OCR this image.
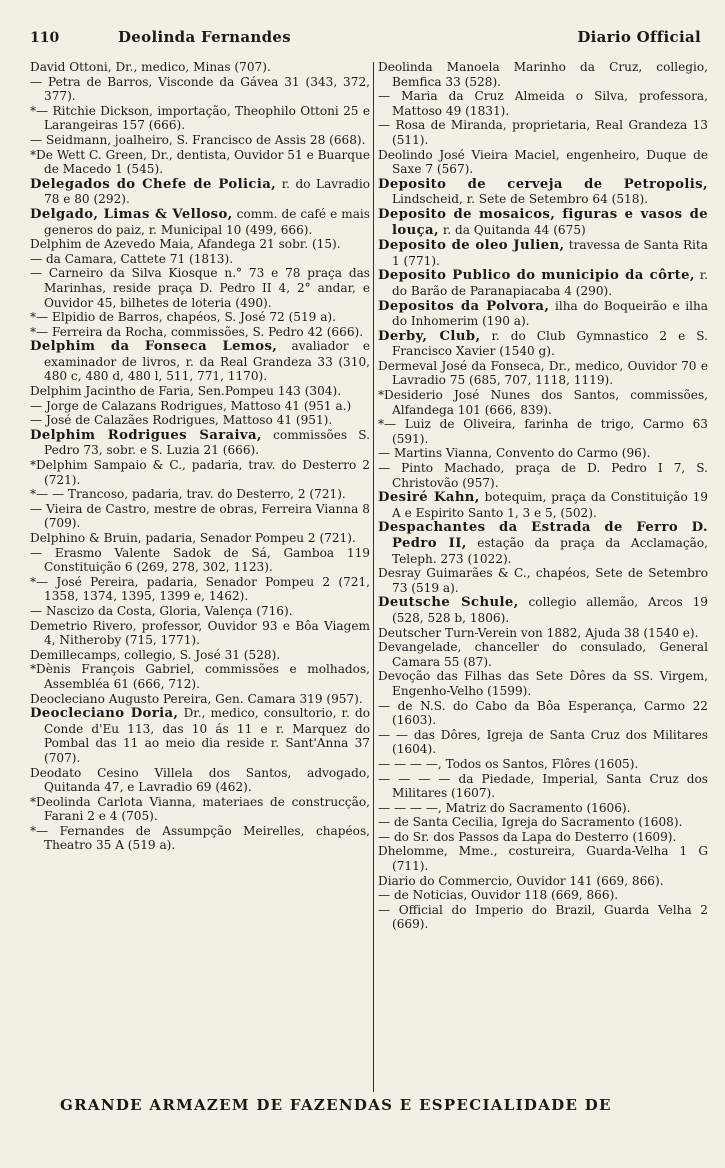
110	Deolinda Fernandes	Diario Official
David Ottoni, Dr., medico, Minas (707).
— Petra de Barros, Visconde da Gávea 31 (343, 372, 377).
*— Ritchie Dickson, importação, Theophilo Ottoni 25 e Larangeiras 157 (666).
— Seidmann, joalheiro, S. Francisco de Assis 28 (668).
*De Wett C. Green, Dr., dentista, Ouvidor 51 e Buarque de Macedo 1 (545).
Delegados do Chefe de Policia, r. do Lavradio 78 e 80 (292).
Delgado, Limas & Velloso, comm. de café e mais generos do paiz, r. Municipal 10 (499, 666).
Delphim de Azevedo Maia, Afandega 21 sobr. (15).
— da Camara, Cattete 71 (1813).
— Carneiro da Silva Kiosque n.° 73 e 78 praça das Marinhas, reside praça D. Pedro II 4, 2° andar, e Ouvidor 45, bilhetes de loteria (490).
*— Elpidio de Barros, chapéos, S. José 72 (519 a).
*— Ferreira da Rocha, commissões, S. Pedro 42 (666).
Delphim da Fonseca Lemos, avaliador e examinador de livros, r. da Real Grandeza 33 (310, 480 c, 480 d, 480 l, 511, 771, 1170).
Delphim Jacintho de Faria, Sen.Pompeu 143 (304).
— Jorge de Calazans Rodrigues, Mattoso 41 (951 a.)
— José de Calazães Rodrigues, Mattoso 41 (951).
Delphim Rodrigues Saraiva, commissões S. Pedro 73, sobr. e S. Luzia 21 (666).
*Delphim Sampaio & C., padaria, trav. do Desterro 2 (721).
*— — Trancoso, padaria, trav. do Desterro, 2 (721).
— Vieira de Castro, mestre de obras, Ferreira Vianna 8 (709).
Delphino & Bruin, padaria, Senador Pompeu 2 (721).
— Erasmo Valente Sadok de Sá, Gamboa 119 Constituição 6 (269, 278, 302, 1123).
*— José Pereira, padaria, Senador Pompeu 2 (721, 1358, 1374, 1395, 1399 e, 1462).
— Nascizo da Costa, Gloria, Valença (716).
Demetrio Rivero, professor, Ouvidor 93 e Bôa Viagem 4, Nitheroby (715, 1771).
Demillecamps, collegio, S. José 31 (528).
*Dènis François Gabriel, commissões e molhados, Assembléa 61 (666, 712).
Deocleciano Augusto Pereira, Gen. Camara 319 (957).
Deocleciano Doria, Dr., medico, consultorio, r. do Conde d'Eu 113, das 10 ás 11 e r. Marquez do Pombal das 11 ao meio dia reside r. Sant'Anna 37 (707).
Deodato Cesino Villela dos Santos, advogado, Quitanda 47, e Lavradio 69 (462).
*Deolinda Carlota Vianna, materiaes de construcção, Farani 2 e 4 (705).
*— Fernandes de Assumpção Meirelles, chapéos, Theatro 35 A (519 a).
Deolinda Manoela Marinho da Cruz, collegio, Bemfica 33 (528).
— Maria da Cruz Almeida o Silva, professora, Mattoso 49 (1831).
— Rosa de Miranda, proprietaria, Real Grandeza 13 (511).
Deolindo José Vieira Maciel, engenheiro, Duque de Saxe 7 (567).
Deposito de cerveja de Petropolis, Lindscheid, r. Sete de Setembro 64 (518).
Deposito de mosaicos, figuras e vasos de louça, r. da Quitanda 44 (675)
Deposito de oleo Julien, travessa de Santa Rita 1 (771).
Deposito Publico do municipio da côrte, r. do Barão de Paranapiacaba 4 (290).
Depositos da Polvora, ilha do Boqueirão e ilha do Inhomerim (190 a).
Derby, Club, r. do Club Gymnastico 2 e S. Francisco Xavier (1540 g).
Dermeval José da Fonseca, Dr., medico, Ouvidor 70 e Lavradio 75 (685, 707, 1118, 1119).
*Desiderio José Nunes dos Santos, commissões, Alfandega 101 (666, 839).
*— Luiz de Oliveira, farinha de trigo, Carmo 63 (591).
— Martins Vianna, Convento do Carmo (96).
— Pinto Machado, praça de D. Pedro I 7, S. Christovão (957).
Desiré Kahn, botequim, praça da Constituição 19 A e Espirito Santo 1, 3 e 5, (502).
Despachantes da Estrada de Ferro D. Pedro II, estação da praça da Acclamação, Teleph. 273 (1022).
Desray Guimarães & C., chapéos, Sete de Setembro 73 (519 a).
Deutsche Schule, collegio allemão, Arcos 19 (528, 528 b, 1806).
Deutscher Turn-Verein von 1882, Ajuda 38 (1540 e).
Devangelade, chanceller do consulado, General Camara 55 (87).
Devoção das Filhas das Sete Dôres da SS. Virgem, Engenho-Velho (1599).
— de N.S. do Cabo da Bôa Esperança, Carmo 22 (1603).
— — das Dôres, Igreja de Santa Cruz dos Militares (1604).
— — — —, Todos os Santos, Flôres (1605).
— — — — da Piedade, Imperial, Santa Cruz dos Militares (1607).
— — — —, Matriz do Sacramento (1606).
— de Santa Cecilia, Igreja do Sacramento (1608).
— do Sr. dos Passos da Lapa do Desterro (1609).
Dhelomme, Mme., costureira, Guarda-Velha 1 G (711).
Diario do Commercio, Ouvidor 141 (669, 866).
— de Noticias, Ouvidor 118 (669, 866).
— Official do Imperio do Brazil, Guarda Velha 2 (669).
GRANDE ARMAZEM DE FAZENDAS E ESPECIALIDADE DE
